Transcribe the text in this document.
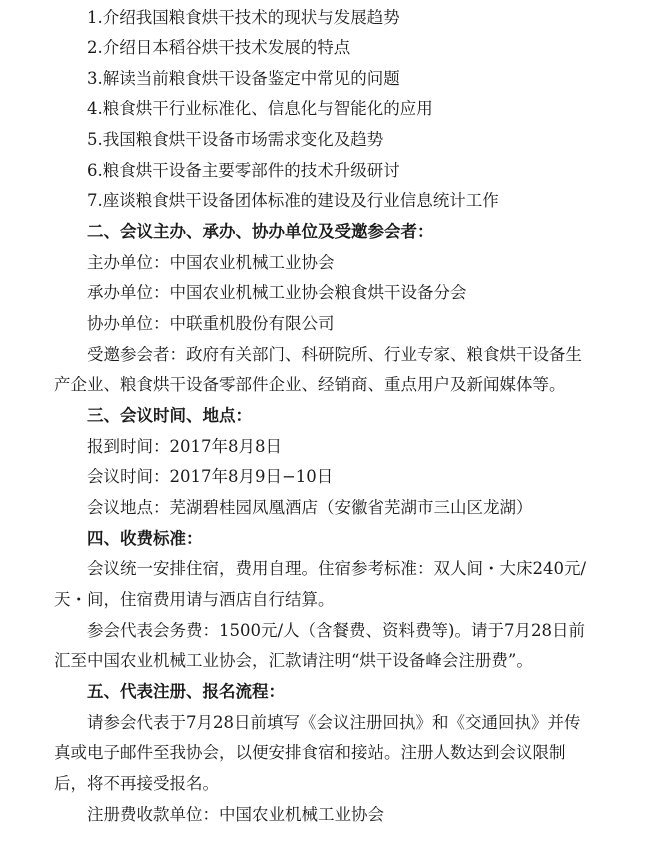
1.介绍我国粮食烘干技术的现状与发展趋势
2.介绍日本稻谷烘干技术发展的特点
3.解读当前粮食烘干设备鉴定中常见的问题
4.粮食烘干行业标准化、信息化与智能化的应用
5.我国粮食烘干设备市场需求变化及趋势
6.粮食烘干设备主要零部件的技术升级研讨
7.座谈粮食烘干设备团体标准的建设及行业信息统计工作
二、会议主办、承办、协办单位及受邀参会者：
主办单位：中国农业机械工业协会
承办单位：中国农业机械工业协会粮食烘干设备分会
协办单位：中联重机股份有限公司
受邀参会者：政府有关部门、科研院所、行业专家、粮食烘干设备生
产企业、粮食烘干设备零部件企业、经销商、重点用户及新闻媒体等。
三、会议时间、地点：
报到时间：2017年8月8日
会议时间：2017年8月9日−10日
会议地点：芜湖碧桂园凤凰酒店（安徽省芜湖市三山区龙湖）
四、收费标准：
会议统一安排住宿，费用自理。住宿参考标准：双人间・大床240元/
天・间，住宿费用请与酒店自行结算。
参会代表会务费：1500元/人（含餐费、资料费等)。请于7月28日前
汇至中国农业机械工业协会，汇款请注明“烘干设备峰会注册费”。
五、代表注册、报名流程：
请参会代表于7月28日前填写《会议注册回执》和《交通回执》并传
真或电子邮件至我协会，以便安排食宿和接站。注册人数达到会议限制
后，将不再接受报名。
注册费收款单位：中国农业机械工业协会
